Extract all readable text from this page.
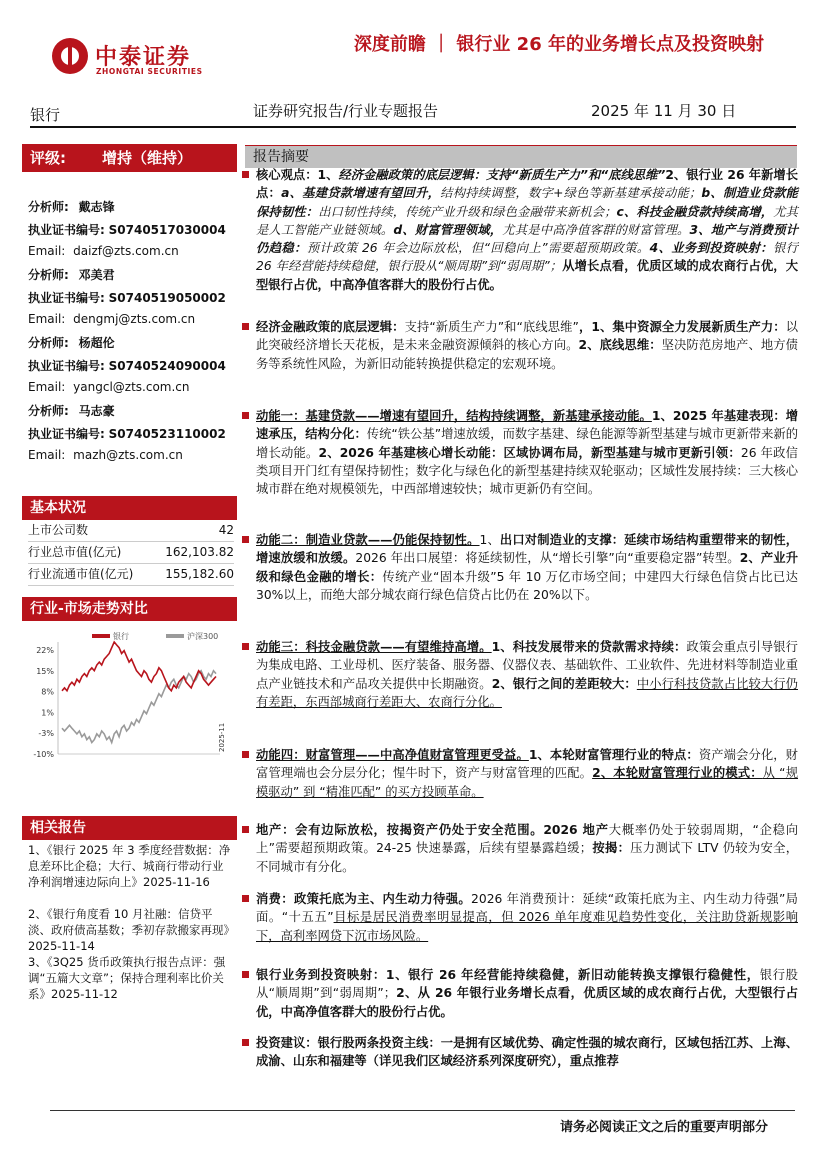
中泰证券
ZHONGTAI SECURITIES
深度前瞻 ｜ 银行业 26 年的业务增长点及投资映射
银行	证券研究报告/行业专题报告	2025 年 11 月 30 日
评级: 增持（维持）
分析师: 戴志锋
执业证书编号: S0740517030004
Email: daizf@zts.com.cn
分析师: 邓美君
执业证书编号: S0740519050002
Email: dengmj@zts.com.cn
分析师: 杨超伦
执业证书编号: S0740524090004
Email: yangcl@zts.com.cn
分析师: 马志豪
执业证书编号: S0740523110002
Email: mazh@zts.com.cn
基本状况
上市公司数	42
行业总市值(亿元)	162,103.82
行业流通市值(亿元)	155,182.60
行业-市场走势对比
22%
15%
8%
1%
-3%
-10%
2025-11
银行	沪深300
相关报告
1、《银行 2025 年 3 季度经营数据：净息差环比企稳；大行、城商行带动行业净利润增速边际向上》2025-11-16
2、《银行角度看 10 月社融：信贷平淡、政府债高基数；季初存款搬家再现》2025-11-14
3、《3Q25 货币政策执行报告点评：强调“五篇大文章”；保持合理利率比价关系》2025-11-12
报告摘要
核心观点：1、经济金融政策的底层逻辑：支持“新质生产力”和“底线思维”2、银行业 26 年新增长点：a、基建贷款增速有望回升，结构持续调整，数字+绿色等新基建承接动能；b、制造业贷款能保持韧性：出口韧性持续，传统产业升级和绿色金融带来新机会；c、科技金融贷款持续高增，尤其是人工智能产业链领域。d、财富管理领域，尤其是中高净值客群的财富管理。3、地产与消费预计仍趋稳：预计政策 26 年会边际放松，但“回稳向上”需要超预期政策。4、业务到投资映射：银行 26 年经营能持续稳健，银行股从“顺周期”到“弱周期”；从增长点看，优质区域的成农商行占优，大型银行占优，中高净值客群大的股份行占优。
经济金融政策的底层逻辑：支持“新质生产力”和“底线思维”，1、集中资源全力发展新质生产力：以此突破经济增长天花板，是未来金融资源倾斜的核心方向。2、底线思维：坚决防范房地产、地方债务等系统性风险，为新旧动能转换提供稳定的宏观环境。
动能一：基建贷款——增速有望回升，结构持续调整，新基建承接动能。1、2025 年基建表现：增速承压，结构分化：传统“铁公基”增速放缓，而数字基建、绿色能源等新型基建与城市更新带来新的增长动能。2、2026 年基建核心增长动能：区域协调布局，新型基建与城市更新引领：26 年政信类项目开门红有望保持韧性；数字化与绿色化的新型基建持续双轮驱动；区域性发展持续：三大核心城市群在绝对规模领先，中西部增速较快；城市更新仍有空间。
动能二：制造业贷款——仍能保持韧性。1、出口对制造业的支撑：延续市场结构重塑带来的韧性，增速放缓和放缓。2026 年出口展望：将延续韧性，从“增长引擎”向“重要稳定器”转型。2、产业升级和绿色金融的增长：传统产业“固本升级”5 年 10 万亿市场空间；中建四大行绿色信贷占比已达 30%以上，而绝大部分城农商行绿色信贷占比仍在 20%以下。
动能三：科技金融贷款——有望维持高增。1、科技发展带来的贷款需求持续：政策会重点引导银行为集成电路、工业母机、医疗装备、服务器、仪器仪表、基础软件、工业软件、先进材料等制造业重点产业链技术和产品攻关提供中长期融资。2、银行之间的差距较大：中小行科技贷款占比较大行仍有差距，东西部城商行差距大、农商行分化。
动能四：财富管理——中高净值财富管理更受益。1、本轮财富管理行业的特点：资产端会分化，财富管理端也会分层分化；惺牛时下，资产与财富管理的匹配。2、本轮财富管理行业的模式：从 “规模驱动” 到 “精准匹配” 的买方投顾革命。
地产：会有边际放松，按揭资产仍处于安全范围。2026 地产大概率仍处于较弱周期，“企稳向上”需要超预期政策。24-25 快速暴露，后续有望暴露趋缓；按揭：压力测试下 LTV 仍较为安全，不同城市有分化。
消费：政策托底为主、内生动力待强。2026 年消费预计：延续“政策托底为主、内生动力待强”局面。“十五五”目标是居民消费率明显提高，但 2026 单年度难见趋势性变化，关注助贷新规影响下，高利率网贷下沉市场风险。
银行业务到投资映射：1、银行 26 年经营能持续稳健，新旧动能转换支撑银行稳健性，银行股从“顺周期”到“弱周期”；2、从 26 年银行业务增长点看，优质区域的成农商行占优，大型银行占优，中高净值客群大的股份行占优。
投资建议：银行股两条投资主线：一是拥有区域优势、确定性强的城农商行，区域包括江苏、上海、成渝、山东和福建等（详见我们区域经济系列深度研究），重点推荐
请务必阅读正文之后的重要声明部分
